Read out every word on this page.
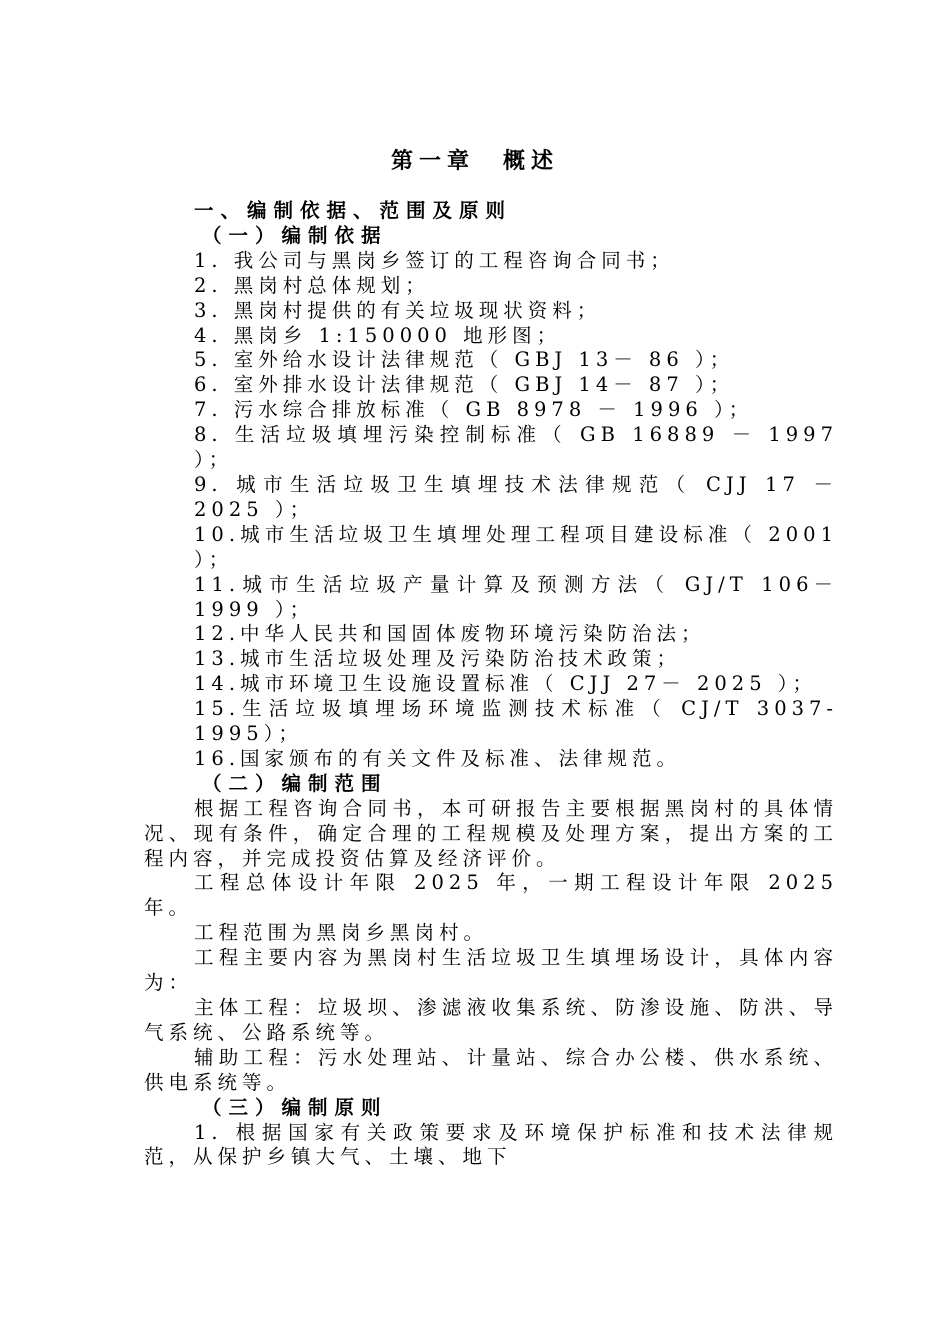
第一章　概述

一、编制依据、范围及原则

（一）编制依据

1. 我公司与黑岗乡签订的工程咨询合同书；

2. 黑岗村总体规划；

3. 黑岗村提供的有关垃圾现状资料；

4. 黑岗乡 1:150000 地形图；

5. 室外给水设计法律规范（ GBJ 13－ 86 ）；

6. 室外排水设计法律规范（ GBJ 14－ 87 ）；

7. 污水综合排放标准（ GB 8978 － 1996 ）；

8. 生活垃圾填埋污染控制标准（ GB 16889 － 1997 ）；

9. 城市生活垃圾卫生填埋技术法律规范（ CJJ 17 － 2025 ）；

10.城市生活垃圾卫生填埋处理工程项目建设标准（ 2001 ）；

11.城市生活垃圾产量计算及预测方法（ GJ/T 106－ 1999 ）；

12.中华人民共和国固体废物环境污染防治法；

13.城市生活垃圾处理及污染防治技术政策；

14.城市环境卫生设施设置标准（ CJJ 27－ 2025 ）；

15.生活垃圾填埋场环境监测技术标准（ CJ/T 3037-1995）；

16.国家颁布的有关文件及标准、法律规范。

（二）编制范围

根据工程咨询合同书，本可研报告主要根据黑岗村的具体情况、现有条件，确定合理的工程规模及处理方案，提出方案的工程内容，并完成投资估算及经济评价。

工程总体设计年限 2025 年，一期工程设计年限 2025 年。

工程范围为黑岗乡黑岗村。

工程主要内容为黑岗村生活垃圾卫生填埋场设计，具体内容为：

主体工程：垃圾坝、渗滤液收集系统、防渗设施、防洪、导气系统、公路系统等。

辅助工程：污水处理站、计量站、综合办公楼、供水系统、供电系统等。

（三）编制原则

1. 根据国家有关政策要求及环境保护标准和技术法律规范，从保护乡镇大气、土壤、地下
